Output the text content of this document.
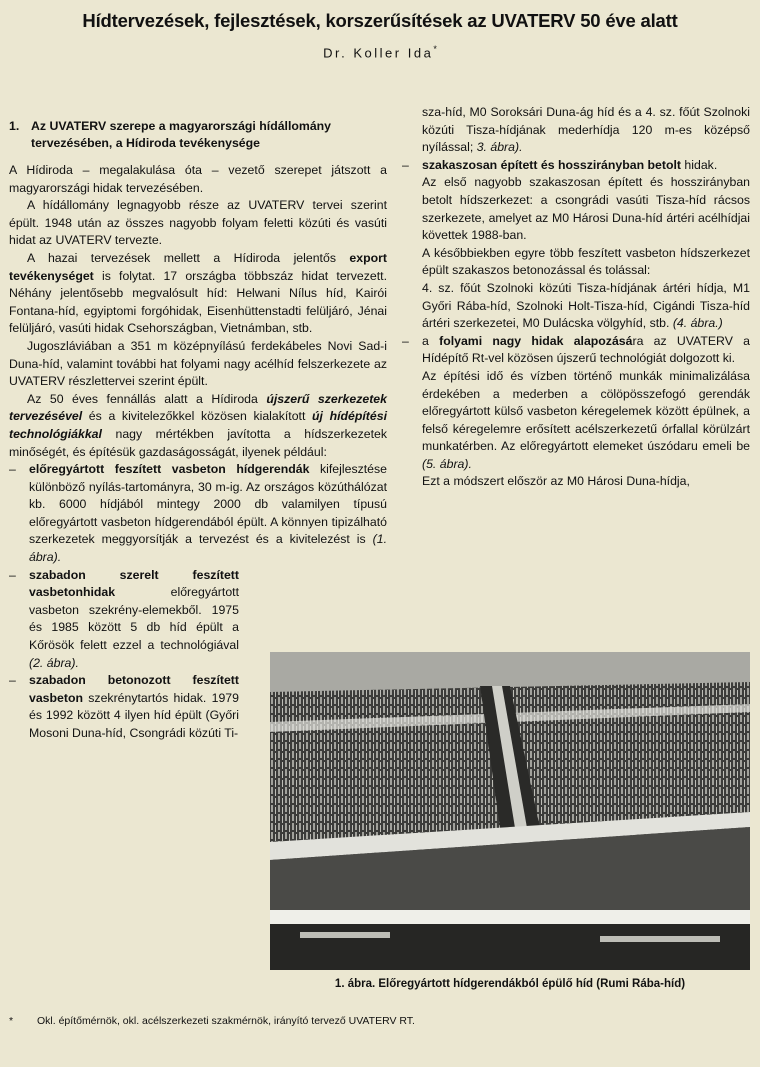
Hídtervezések, fejlesztések, korszerűsítések az UVATERV 50 éve alatt
Dr. Koller Ida*
1. Az UVATERV szerepe a magyarországi hídállomány tervezésében, a Hídiroda tevékenysége

A Hídiroda – megalakulása óta – vezető szerepet játszott a magyarországi hidak tervezésében.

A hídállomány legnagyobb része az UVATERV tervei szerint épült. 1948 után az összes nagyobb folyam feletti közúti és vasúti hidat az UVATERV tervezte.

A hazai tervezések mellett a Hídiroda jelentős export tevékenységet is folytat. 17 országba többszáz hidat tervezett. Néhány jelentősebb megvalósult híd: Helwani Nílus híd, Kairói Fontana-híd, egyiptomi forgóhidak, Eisenhüttenstadti felüljáró, Jénai felüljáró, vasúti hidak Csehországban, Vietnámban, stb.

Jugoszláviában a 351 m középnyílású ferdekábeles Novi Sad-i Duna-híd, valamint további hat folyami nagy acélhíd felszerkezete az UVATERV részlettervei szerint épült.

Az 50 éves fennállás alatt a Hídiroda újszerű szerkezetek tervezésével és a kivitelezőkkel közösen kialakított új hídépítési technológiákkal nagy mértékben javította a hídszerkezetek minőségét, és építésük gazdaságosságát, ilyenek például:

–	előregyártott feszített vasbeton hídgerendák kifejlesztése különböző nyílás-tartományra, 30 m-ig. Az országos közúthálózat kb. 6000 hídjából mintegy 2000 db valamilyen típusú előregyártott vasbeton hídgerendából épült. A könnyen tipizálható szerkezetek meggyorsítják a tervezést és a kivitelezést is (1. ábra).
–	szabadon szerelt feszített vasbetonhidak előregyártott vasbeton szekrény-elemekből. 1975 és 1985 között 5 db híd épült a Kőrösök felett ezzel a technológiával (2. ábra).
–	szabadon betonozott feszített vasbeton szekrénytartós hidak. 1979 és 1992 között 4 ilyen híd épült (Győri Mosoni Duna-híd, Csongrádi közúti Ti-

sza-híd, M0 Soroksári Duna-ág híd és a 4. sz. főút Szolnoki közúti Tisza-hídjának mederhídja 120 m-es középső nyílással; 3. ábra).

–	szakaszosan épített és hosszirányban betolt hidak.

Az első nagyobb szakaszosan épített és hosszirányban betolt hídszerkezet: a csongrádi vasúti Tisza-híd rácsos szerkezete, amelyet az M0 Hárosi Duna-híd ártéri acélhídjai követtek 1988-ban.

A későbbiekben egyre több feszített vasbeton hídszerkezet épült szakaszos betonozással és tolással:

4. sz. főút Szolnoki közúti Tisza-hídjának ártéri hídja, M1 Győri Rába-híd, Szolnoki Holt-Tisza-híd, Cigándi Tisza-híd ártéri szerkezetei, M0 Dulácska völgyhíd, stb. (4. ábra.)

–	a folyami nagy hidak alapozására az UVATERV a Hídépítő Rt-vel közösen újszerű technológiát dolgozott ki.

Az építési idő és vízben történő munkák minimalizálása érdekében a mederben a cölöpösszefogó gerendák előregyártott külső vasbeton kéregelemek között épülnek, a felső kéregelemre erősített acélszerkezetű órfallal körülzárt munkatérben. Az előregyártott elemeket úszódaru emeli be (5. ábra).

Ezt a módszert először az M0 Hárosi Duna-hídja,

1. ábra. Előregyártott hídgerendákból épülő híd (Rumi Rába-híd)
* Okl. építőmérnök, okl. acélszerkezeti szakmérnök, irányító tervező UVATERV RT.
